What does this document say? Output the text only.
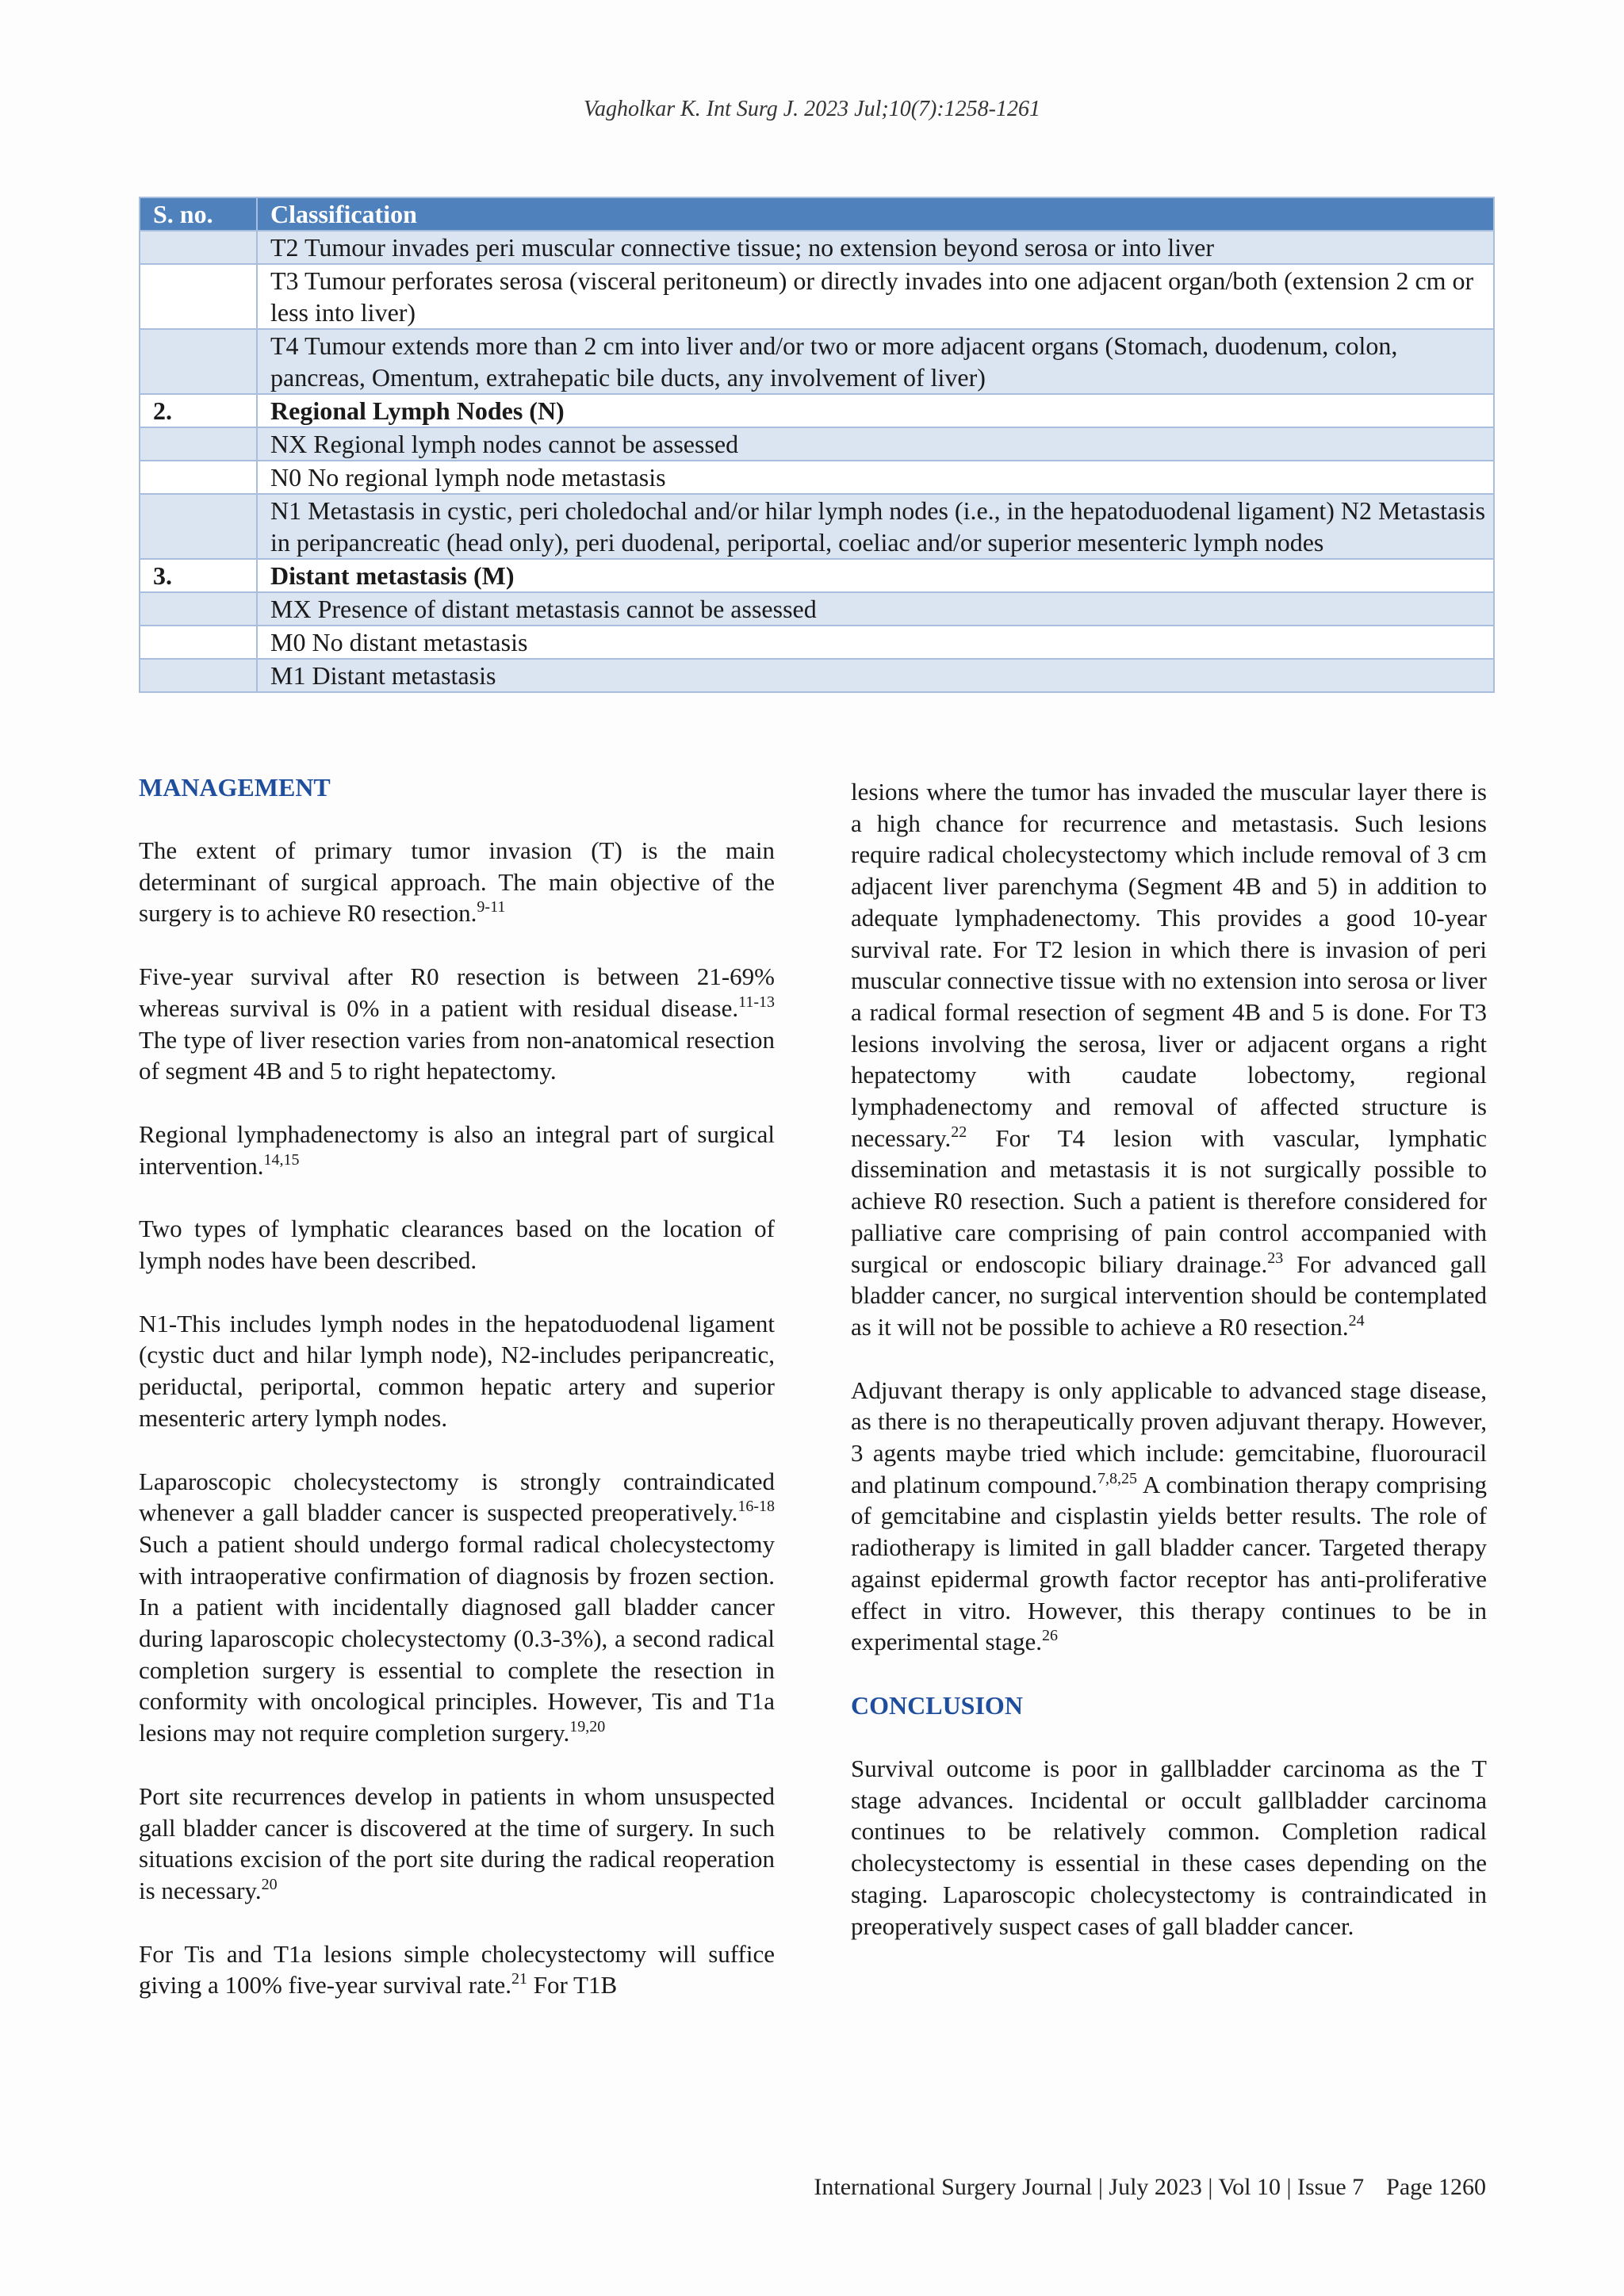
Vagholkar K. Int Surg J. 2023 Jul;10(7):1258-1261
S. no.	Classification
	T2 Tumour invades peri muscular connective tissue; no extension beyond serosa or into liver
	T3 Tumour perforates serosa (visceral peritoneum) or directly invades into one adjacent organ/both (extension 2 cm or less into liver)
	T4 Tumour extends more than 2 cm into liver and/or two or more adjacent organs (Stomach, duodenum, colon, pancreas, Omentum, extrahepatic bile ducts, any involvement of liver)
2.	Regional Lymph Nodes (N)
	NX Regional lymph nodes cannot be assessed
	N0 No regional lymph node metastasis
	N1 Metastasis in cystic, peri choledochal and/or hilar lymph nodes (i.e., in the hepatoduodenal ligament) N2 Metastasis in peripancreatic (head only), peri duodenal, periportal, coeliac and/or superior mesenteric lymph nodes
3.	Distant metastasis (M)
	MX Presence of distant metastasis cannot be assessed
	M0 No distant metastasis
	M1 Distant metastasis
MANAGEMENT

The extent of primary tumor invasion (T) is the main determinant of surgical approach. The main objective of the surgery is to achieve R0 resection.$^{9-11}$

Five-year survival after R0 resection is between 21-69% whereas survival is 0% in a patient with residual disease.$^{11-13}$ The type of liver resection varies from non-anatomical resection of segment 4B and 5 to right hepatectomy.

Regional lymphadenectomy is also an integral part of surgical intervention.$^{14,15}$

Two types of lymphatic clearances based on the location of lymph nodes have been described.

N1-This includes lymph nodes in the hepatoduodenal ligament (cystic duct and hilar lymph node), N2-includes peripancreatic, periductal, periportal, common hepatic artery and superior mesenteric artery lymph nodes.

Laparoscopic cholecystectomy is strongly contraindicated whenever a gall bladder cancer is suspected preoperatively.$^{16-18}$ Such a patient should undergo formal radical cholecystectomy with intraoperative confirmation of diagnosis by frozen section. In a patient with incidentally diagnosed gall bladder cancer during laparoscopic cholecystectomy (0.3-3%), a second radical completion surgery is essential to complete the resection in conformity with oncological principles. However, Tis and T1a lesions may not require completion surgery.$^{19,20}$

Port site recurrences develop in patients in whom unsuspected gall bladder cancer is discovered at the time of surgery. In such situations excision of the port site during the radical reoperation is necessary.$^{20}$

For Tis and T1a lesions simple cholecystectomy will suffice giving a 100% five-year survival rate.$^{21}$ For T1B

lesions where the tumor has invaded the muscular layer there is a high chance for recurrence and metastasis. Such lesions require radical cholecystectomy which include removal of 3 cm adjacent liver parenchyma (Segment 4B and 5) in addition to adequate lymphadenectomy. This provides a good 10-year survival rate. For T2 lesion in which there is invasion of peri muscular connective tissue with no extension into serosa or liver a radical formal resection of segment 4B and 5 is done. For T3 lesions involving the serosa, liver or adjacent organs a right hepatectomy with caudate lobectomy, regional lymphadenectomy and removal of affected structure is necessary.$^{22}$ For T4 lesion with vascular, lymphatic dissemination and metastasis it is not surgically possible to achieve R0 resection. Such a patient is therefore considered for palliative care comprising of pain control accompanied with surgical or endoscopic biliary drainage.$^{23}$ For advanced gall bladder cancer, no surgical intervention should be contemplated as it will not be possible to achieve a R0 resection.$^{24}$

Adjuvant therapy is only applicable to advanced stage disease, as there is no therapeutically proven adjuvant therapy. However, 3 agents maybe tried which include: gemcitabine, fluorouracil and platinum compound.$^{7,8,25}$ A combination therapy comprising of gemcitabine and cisplastin yields better results. The role of radiotherapy is limited in gall bladder cancer. Targeted therapy against epidermal growth factor receptor has anti-proliferative effect in vitro. However, this therapy continues to be in experimental stage.$^{26}$

CONCLUSION

Survival outcome is poor in gallbladder carcinoma as the T stage advances. Incidental or occult gallbladder carcinoma continues to be relatively common. Completion radical cholecystectomy is essential in these cases depending on the staging. Laparoscopic cholecystectomy is contraindicated in preoperatively suspect cases of gall bladder cancer.

International Surgery Journal | July 2023 | Vol 10 | Issue 7 Page 1260
